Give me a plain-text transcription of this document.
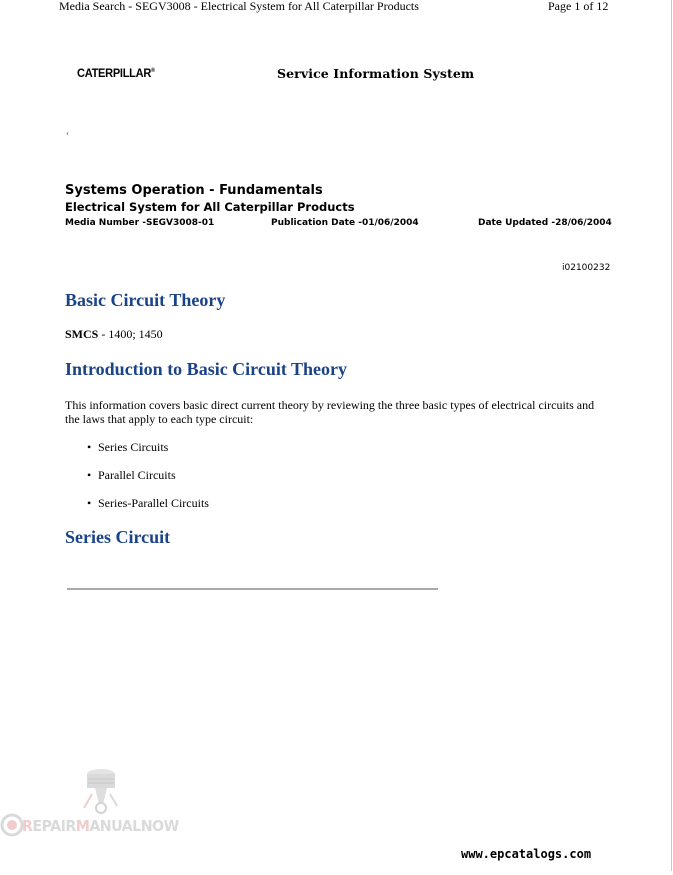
Media Search - SEGV3008 - Electrical System for All Caterpillar Products	Page 1 of 12
CATERPILLAR®	Service Information System
‹
Systems Operation - Fundamentals
Electrical System for All Caterpillar Products
Media Number -SEGV3008-01	Publication Date -01/06/2004	Date Updated -28/06/2004
i02100232
Basic Circuit Theory
SMCS - 1400; 1450
Introduction to Basic Circuit Theory
This information covers basic direct current theory by reviewing the three basic types of electrical circuits and the laws that apply to each type circuit:
• Series Circuits
• Parallel Circuits
• Series-Parallel Circuits
Series Circuit
REPAIRMANUALNOW
www.epcatalogs.com
